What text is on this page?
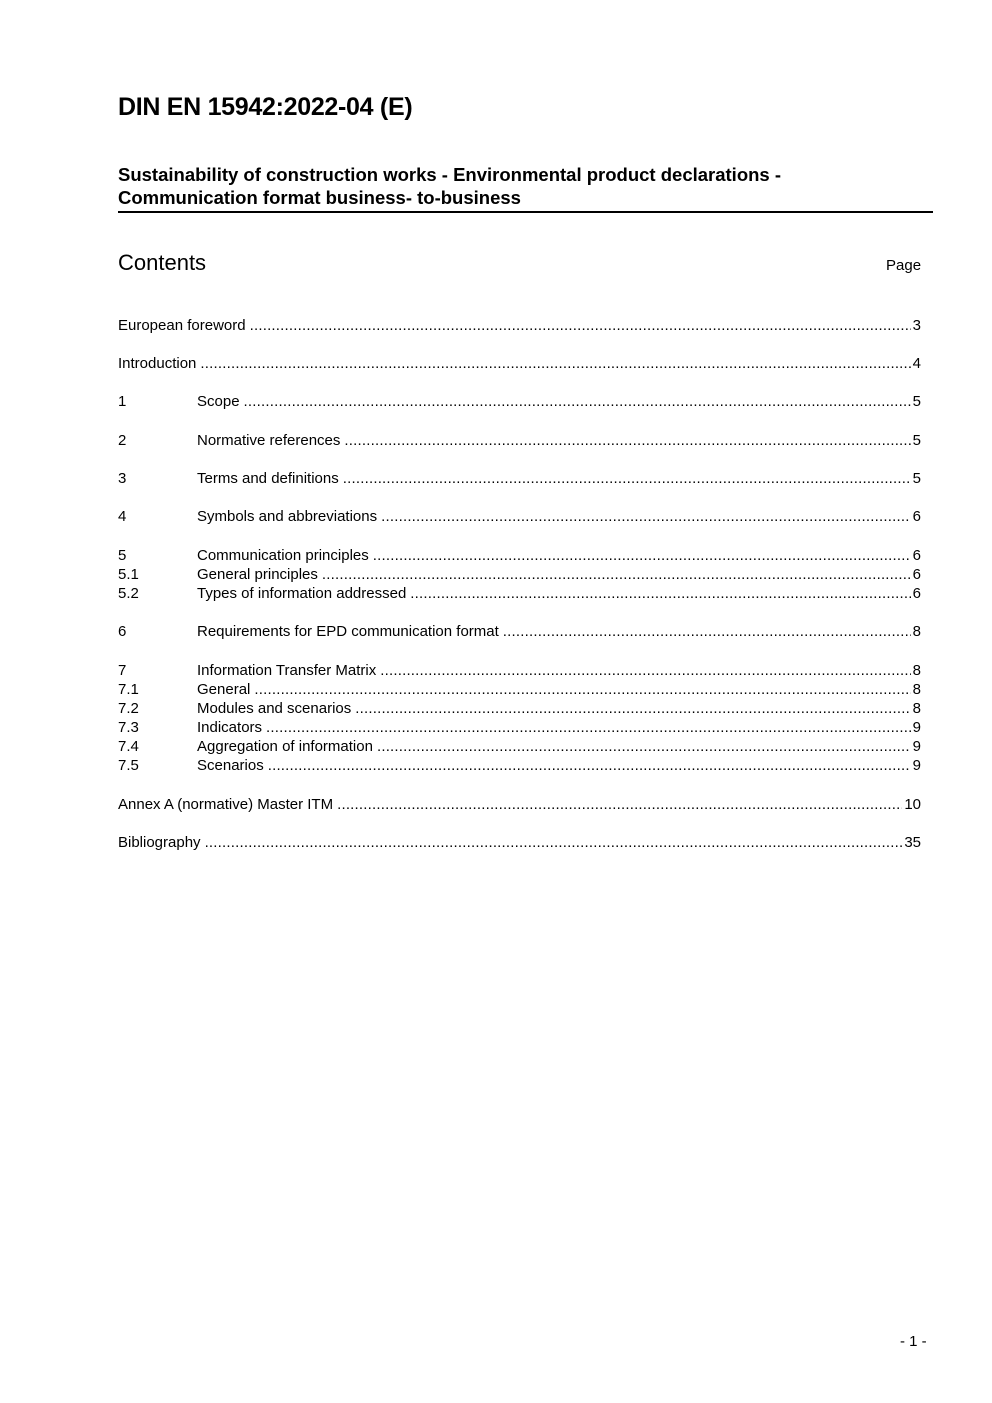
DIN EN 15942:2022-04 (E)
Sustainability of construction works - Environmental product declarations -
Communication format business- to-business
Contents	Page
European foreword .....	3
Introduction .....	4
1	Scope .....	5
2	Normative references .....	5
3	Terms and definitions .....	5
4	Symbols and abbreviations .....	6
5	Communication principles .....	6
5.1	General principles .....	6
5.2	Types of information addressed .....	6
6	Requirements for EPD communication format .....	8
7	Information Transfer Matrix .....	8
7.1	General .....	8
7.2	Modules and scenarios .....	8
7.3	Indicators .....	9
7.4	Aggregation of information .....	9
7.5	Scenarios .....	9
Annex A (normative) Master ITM .....	10
Bibliography .....	35
- 1 -
